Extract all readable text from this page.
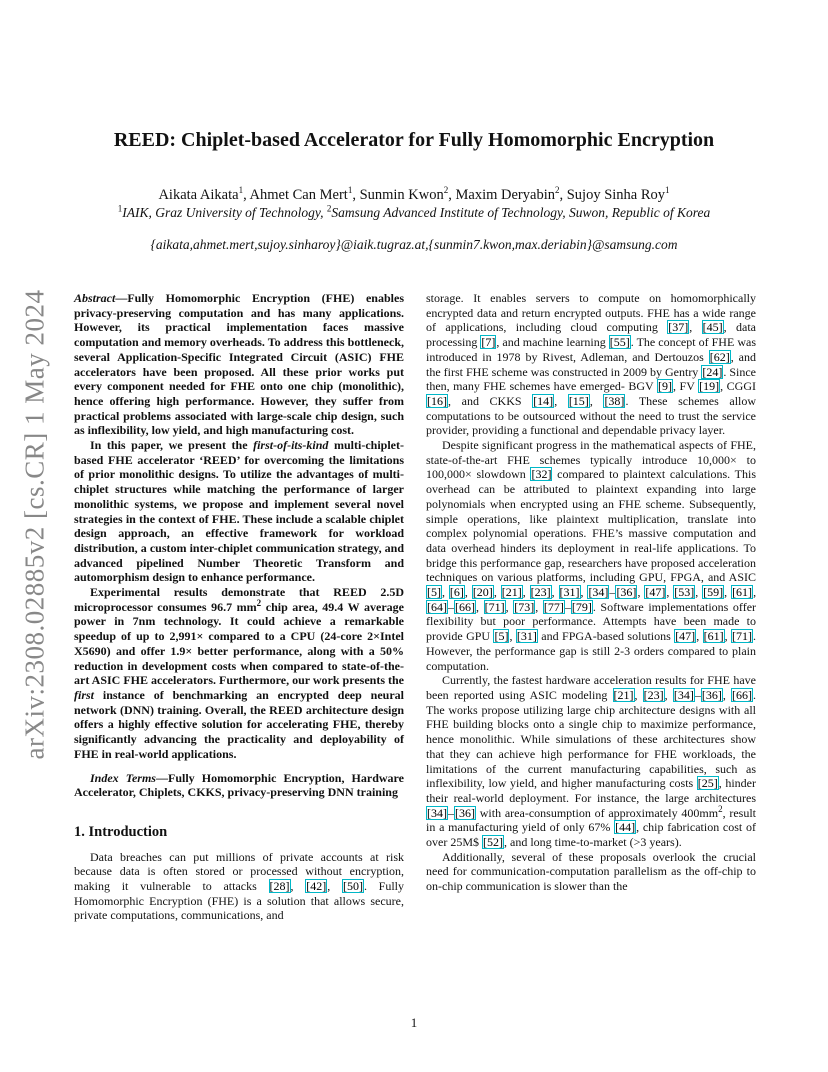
arXiv:2308.02885v2 [cs.CR] 1 May 2024
REED: Chiplet-based Accelerator for Fully Homomorphic Encryption
Aikata Aikata$^1$, Ahmet Can Mert$^1$, Sunmin Kwon$^2$, Maxim Deryabin$^2$, Sujoy Sinha Roy$^1$
$^1$IAIK, Graz University of Technology, $^2$Samsung Advanced Institute of Technology, Suwon, Republic of Korea
{aikata,ahmet.mert,sujoy.sinharoy}@iaik.tugraz.at,{sunmin7.kwon,max.deriabin}@samsung.com

Abstract—Fully Homomorphic Encryption (FHE) enables privacy-preserving computation and has many applications. However, its practical implementation faces massive computation and memory overheads. To address this bottleneck, several Application-Specific Integrated Circuit (ASIC) FHE accelerators have been proposed. All these prior works put every component needed for FHE onto one chip (monolithic), hence offering high performance. However, they suffer from practical problems associated with large-scale chip design, such as inflexibility, low yield, and high manufacturing cost.

In this paper, we present the first-of-its-kind multi-chiplet-based FHE accelerator ‘REED’ for overcoming the limitations of prior monolithic designs. To utilize the advantages of multi-chiplet structures while matching the performance of larger monolithic systems, we propose and implement several novel strategies in the context of FHE. These include a scalable chiplet design approach, an effective framework for workload distribution, a custom inter-chiplet communication strategy, and advanced pipelined Number Theoretic Transform and automorphism design to enhance performance.

Experimental results demonstrate that REED 2.5D microprocessor consumes 96.7 $mm^2$ chip area, 49.4 W average power in 7nm technology. It could achieve a remarkable speedup of up to 2,991× compared to a CPU (24-core 2×Intel X5690) and offer 1.9× better performance, along with a 50% reduction in development costs when compared to state-of-the-art ASIC FHE accelerators. Furthermore, our work presents the first instance of benchmarking an encrypted deep neural network (DNN) training. Overall, the REED architecture design offers a highly effective solution for accelerating FHE, thereby significantly advancing the practicality and deployability of FHE in real-world applications.

Index Terms—Fully Homomorphic Encryption, Hardware Accelerator, Chiplets, CKKS, privacy-preserving DNN training

1. Introduction

Data breaches can put millions of private accounts at risk because data is often stored or processed without encryption, making it vulnerable to attacks [28], [42], [50]. Fully Homomorphic Encryption (FHE) is a solution that allows secure, private computations, communications, and

storage. It enables servers to compute on homomorphically encrypted data and return encrypted outputs. FHE has a wide range of applications, including cloud computing [37], [45], data processing [7], and machine learning [55]. The concept of FHE was introduced in 1978 by Rivest, Adleman, and Dertouzos [62], and the first FHE scheme was constructed in 2009 by Gentry [24]. Since then, many FHE schemes have emerged- BGV [9], FV [19], CGGI [16], and CKKS [14], [15], [38]. These schemes allow computations to be outsourced without the need to trust the service provider, providing a functional and dependable privacy layer.

Despite significant progress in the mathematical aspects of FHE, state-of-the-art FHE schemes typically introduce 10,000× to 100,000× slowdown [32] compared to plaintext calculations. This overhead can be attributed to plaintext expanding into large polynomials when encrypted using an FHE scheme. Subsequently, simple operations, like plaintext multiplication, translate into complex polynomial operations. FHE’s massive computation and data overhead hinders its deployment in real-life applications. To bridge this performance gap, researchers have proposed acceleration techniques on various platforms, including GPU, FPGA, and ASIC [5], [6], [20], [21], [23], [31], [34]–[36], [47], [53], [59], [61], [64]–[66], [71], [73], [77]–[79]. Software implementations offer flexibility but poor performance. Attempts have been made to provide GPU [5], [31] and FPGA-based solutions [47], [61], [71]. However, the performance gap is still 2-3 orders compared to plain computation.

Currently, the fastest hardware acceleration results for FHE have been reported using ASIC modeling [21], [23], [34]–[36], [66]. The works propose utilizing large chip architecture designs with all FHE building blocks onto a single chip to maximize performance, hence monolithic. While simulations of these architectures show that they can achieve high performance for FHE workloads, the limitations of the current manufacturing capabilities, such as inflexibility, low yield, and higher manufacturing costs [25], hinder their real-world deployment. For instance, the large architectures [34]–[36] with area-consumption of approximately $400mm^2$, result in a manufacturing yield of only 67% [44], chip fabrication cost of over 25M$ [52], and long time-to-market (>3 years).

Additionally, several of these proposals overlook the crucial need for communication-computation parallelism as the off-chip to on-chip communication is slower than the

1
